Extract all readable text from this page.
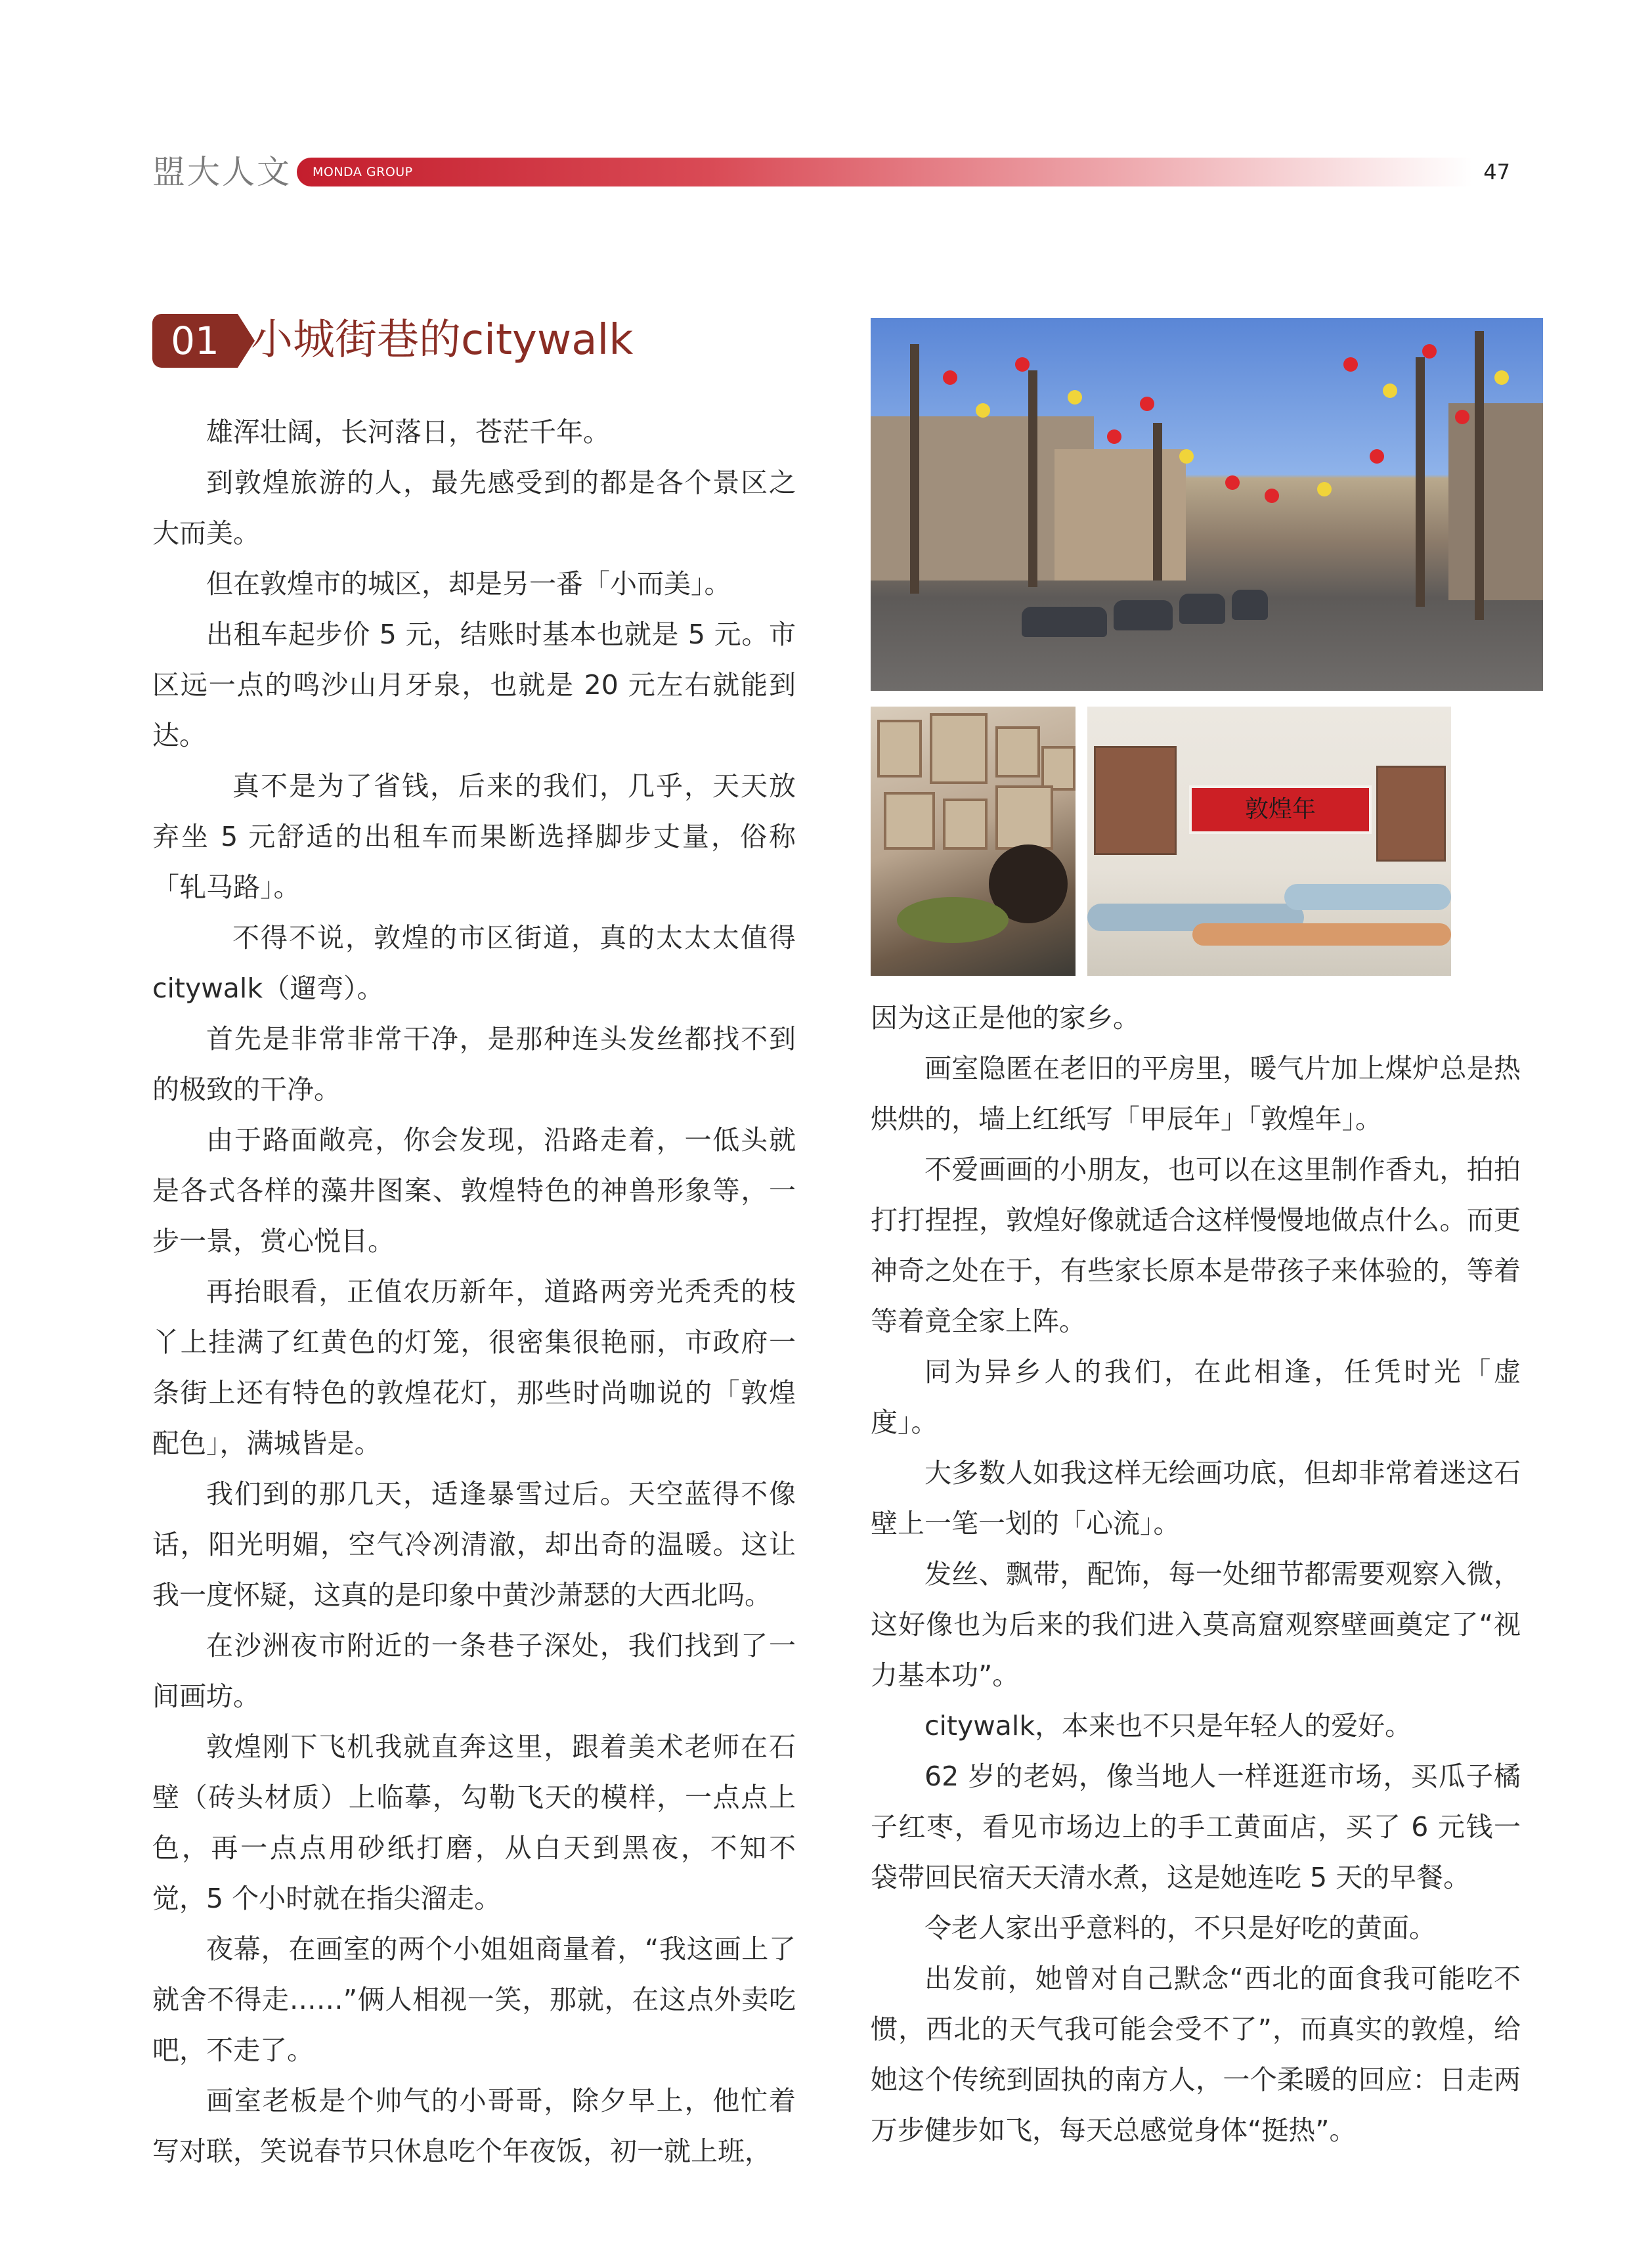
盟大人文 MONDA GROUP	47
01 小城街巷的citywalk

雄浑壮阔，长河落日，苍茫千年。

到敦煌旅游的人，最先感受到的都是各个景区之大而美。

但在敦煌市的城区，却是另一番「小而美」。

出租车起步价 5 元，结账时基本也就是 5 元。市区远一点的鸣沙山月牙泉，也就是 20 元左右就能到达。

真不是为了省钱，后来的我们，几乎，天天放弃坐 5 元舒适的出租车而果断选择脚步丈量，俗称「轧马路」。

不得不说，敦煌的市区街道，真的太太太值得citywalk（遛弯）。

首先是非常非常干净，是那种连头发丝都找不到的极致的干净。

由于路面敞亮，你会发现，沿路走着，一低头就是各式各样的藻井图案、敦煌特色的神兽形象等，一步一景，赏心悦目。

再抬眼看，正值农历新年，道路两旁光秃秃的枝丫上挂满了红黄色的灯笼，很密集很艳丽，市政府一条街上还有特色的敦煌花灯，那些时尚咖说的「敦煌配色」，满城皆是。

我们到的那几天，适逢暴雪过后。天空蓝得不像话，阳光明媚，空气冷冽清澈，却出奇的温暖。这让我一度怀疑，这真的是印象中黄沙萧瑟的大西北吗。

在沙洲夜市附近的一条巷子深处，我们找到了一间画坊。

敦煌刚下飞机我就直奔这里，跟着美术老师在石壁（砖头材质）上临摹，勾勒飞天的模样，一点点上色，再一点点用砂纸打磨，从白天到黑夜，不知不觉，5 个小时就在指尖溜走。

夜幕，在画室的两个小姐姐商量着，“我这画上了就舍不得走……”俩人相视一笑，那就，在这点外卖吃吧，不走了。

画室老板是个帅气的小哥哥，除夕早上，他忙着写对联，笑说春节只休息吃个年夜饭，初一就上班，

敦煌年

因为这正是他的家乡。

画室隐匿在老旧的平房里，暖气片加上煤炉总是热烘烘的，墙上红纸写「甲辰年」「敦煌年」。

不爱画画的小朋友，也可以在这里制作香丸，拍拍打打捏捏，敦煌好像就适合这样慢慢地做点什么。而更神奇之处在于，有些家长原本是带孩子来体验的，等着等着竟全家上阵。

同为异乡人的我们，在此相逢，任凭时光「虚度」。

大多数人如我这样无绘画功底，但却非常着迷这石壁上一笔一划的「心流」。

发丝、飘带，配饰，每一处细节都需要观察入微，这好像也为后来的我们进入莫高窟观察壁画奠定了“视力基本功”。

citywalk，本来也不只是年轻人的爱好。

62 岁的老妈，像当地人一样逛逛市场，买瓜子橘子红枣，看见市场边上的手工黄面店，买了 6 元钱一袋带回民宿天天清水煮，这是她连吃 5 天的早餐。

令老人家出乎意料的，不只是好吃的黄面。

出发前，她曾对自己默念“西北的面食我可能吃不惯，西北的天气我可能会受不了”，而真实的敦煌，给她这个传统到固执的南方人，一个柔暖的回应：日走两万步健步如飞，每天总感觉身体“挺热”。
